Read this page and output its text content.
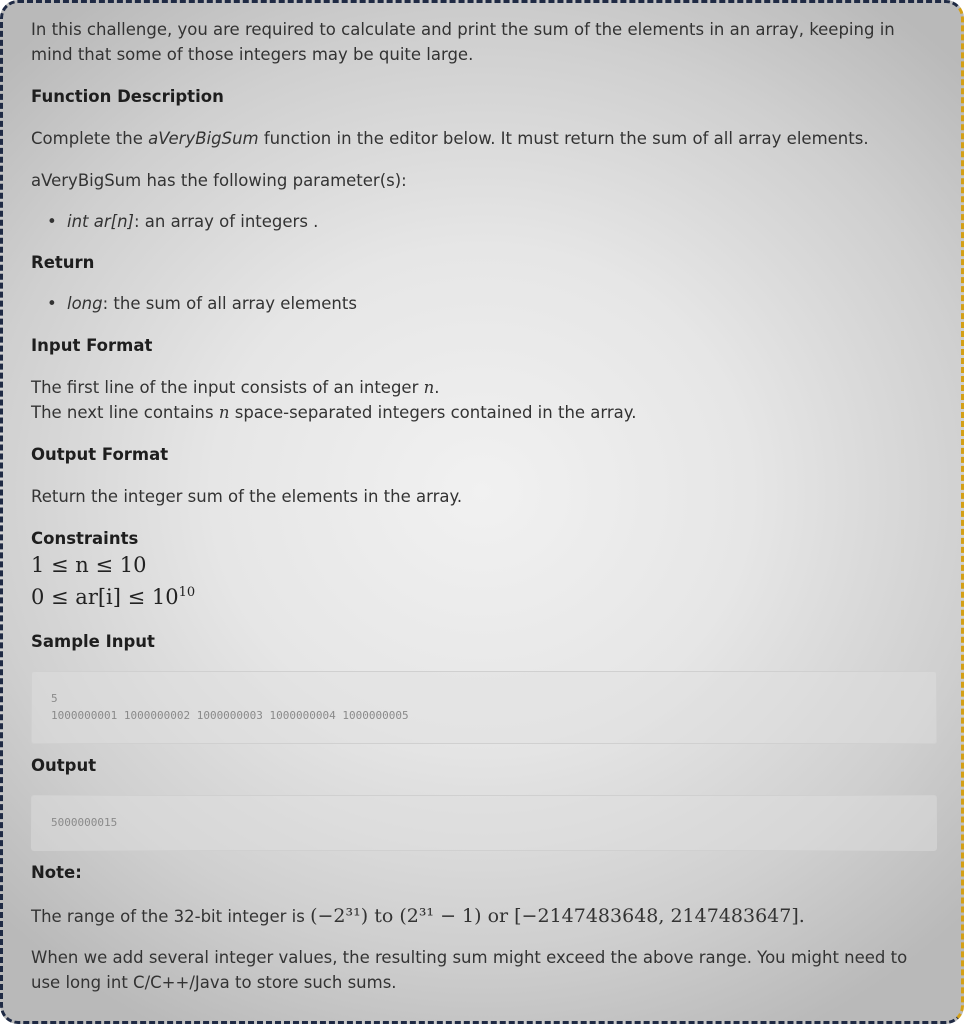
In this challenge, you are required to calculate and print the sum of the elements in an array, keeping in mind that some of those integers may be quite large.

Function Description

Complete the aVeryBigSum function in the editor below. It must return the sum of all array elements.

aVeryBigSum has the following parameter(s):

• int ar[n]: an array of integers .

Return

• long: the sum of all array elements

Input Format

The first line of the input consists of an integer n.

The next line contains n space-separated integers contained in the array.

Output Format

Return the integer sum of the elements in the array.

Constraints

1 ≤ n ≤ 10
$0 \le ar[i] \le 10^{10}$

Sample Input

5
1000000001 1000000002 1000000003 1000000004 1000000005

Output

5000000015

Note:

The range of the 32-bit integer is (−2³¹) to (2³¹ − 1) or [−2147483648, 2147483647].

When we add several integer values, the resulting sum might exceed the above range. You might need to use long int C/C++/Java to store such sums.
